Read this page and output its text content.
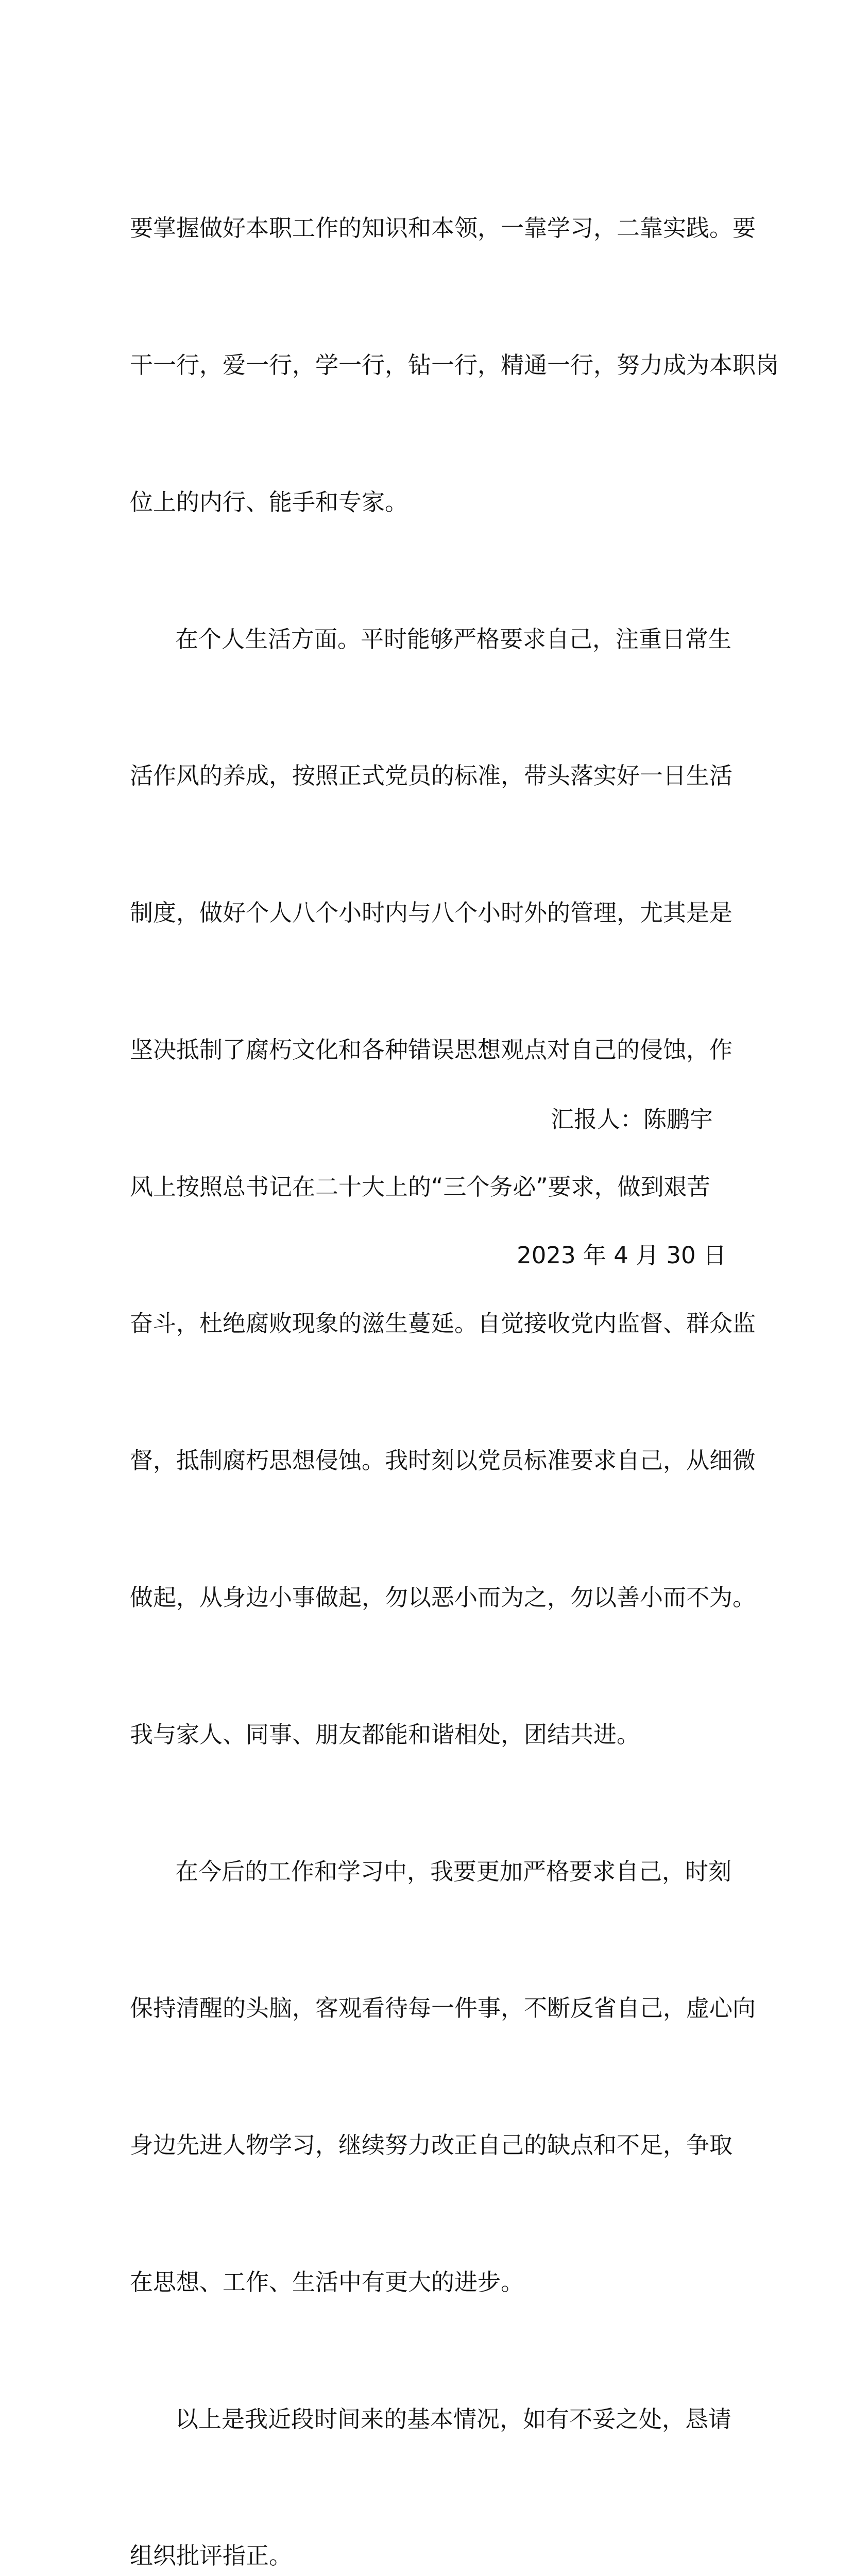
要掌握做好本职工作的知识和本领，一靠学习，二靠实践。要

干一行，爱一行，学一行，钻一行，精通一行，努力成为本职岗

位上的内行、能手和专家。

在个人生活方面。平时能够严格要求自己，注重日常生

活作风的养成，按照正式党员的标准，带头落实好一日生活

制度，做好个人八个小时内与八个小时外的管理，尤其是是

坚决抵制了腐朽文化和各种错误思想观点对自己的侵蚀，作

风上按照总书记在二十大上的“三个务必”要求，做到艰苦

奋斗，杜绝腐败现象的滋生蔓延。自觉接收党内监督、群众监

督，抵制腐朽思想侵蚀。我时刻以党员标准要求自己，从细微

做起，从身边小事做起，勿以恶小而为之，勿以善小而不为。

我与家人、同事、朋友都能和谐相处，团结共进。

在今后的工作和学习中，我要更加严格要求自己，时刻

保持清醒的头脑，客观看待每一件事，不断反省自己，虚心向

身边先进人物学习，继续努力改正自己的缺点和不足，争取

在思想、工作、生活中有更大的进步。

以上是我近段时间来的基本情况，如有不妥之处，恳请

组织批评指正。

汇报人：陈鹏宇

2023 年 4 月 30 日
